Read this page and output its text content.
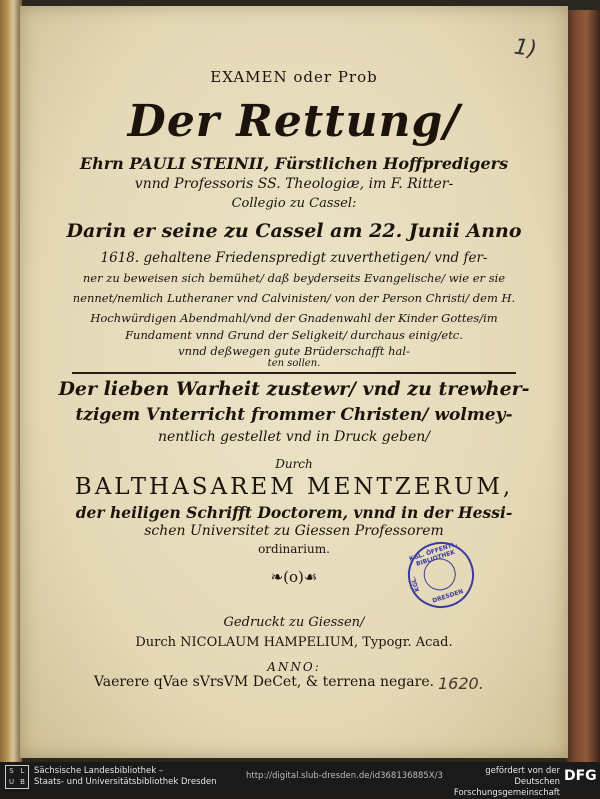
1)
EXAMEN oder Prob
Der Rettung/
Ehrn PAULI STEINII, Fürstlichen Hoffpredigers
vnnd Professoris SS. Theologiæ, im F. Ritter-
Collegio zu Cassel:
Darin er seine zu Cassel am 22. Junii Anno
1618. gehaltene Friedenspredigt zuverthetigen/ vnd fer-
ner zu beweisen sich bemühet/ daß beyderseits Evangelische/ wie er sie
nennet/nemlich Lutheraner vnd Calvinisten/ von der Person Christi/ dem H.
Hochwürdigen Abendmahl/vnd der Gnadenwahl der Kinder Gottes/im
Fundament vnnd Grund der Seligkeit/ durchaus einig/etc.
vnnd deßwegen gute Brüderschafft hal-
ten sollen.
Der lieben Warheit zustewr/ vnd zu trewher-
tzigem Vnterricht frommer Christen/ wolmey-
nentlich gestellet vnd in Druck geben/
Durch
BALTHASAREM MENTZERUM,
der heiligen Schrifft Doctorem, vnnd in der Hessi-
schen Universitet zu Giessen Professorem
ordinarium.
❧(o)☙
KGL. ÖFFENTL. BIBLIOTHEK
KGL.
DRESDEN
Gedruckt zu Giessen/
Durch NICOLAUM HAMPELIUM, Typogr. Acad.
ANNO:
Vaerere qVae sVrsVM DeCet, & terrena negare. 1620.
S L
U B
Sächsische Landesbibliothek –
Staats- und Universitätsbibliothek Dresden
http://digital.slub-dresden.de/id368136885X/3	gefördert von der
Deutschen Forschungsgemeinschaft
DFG
